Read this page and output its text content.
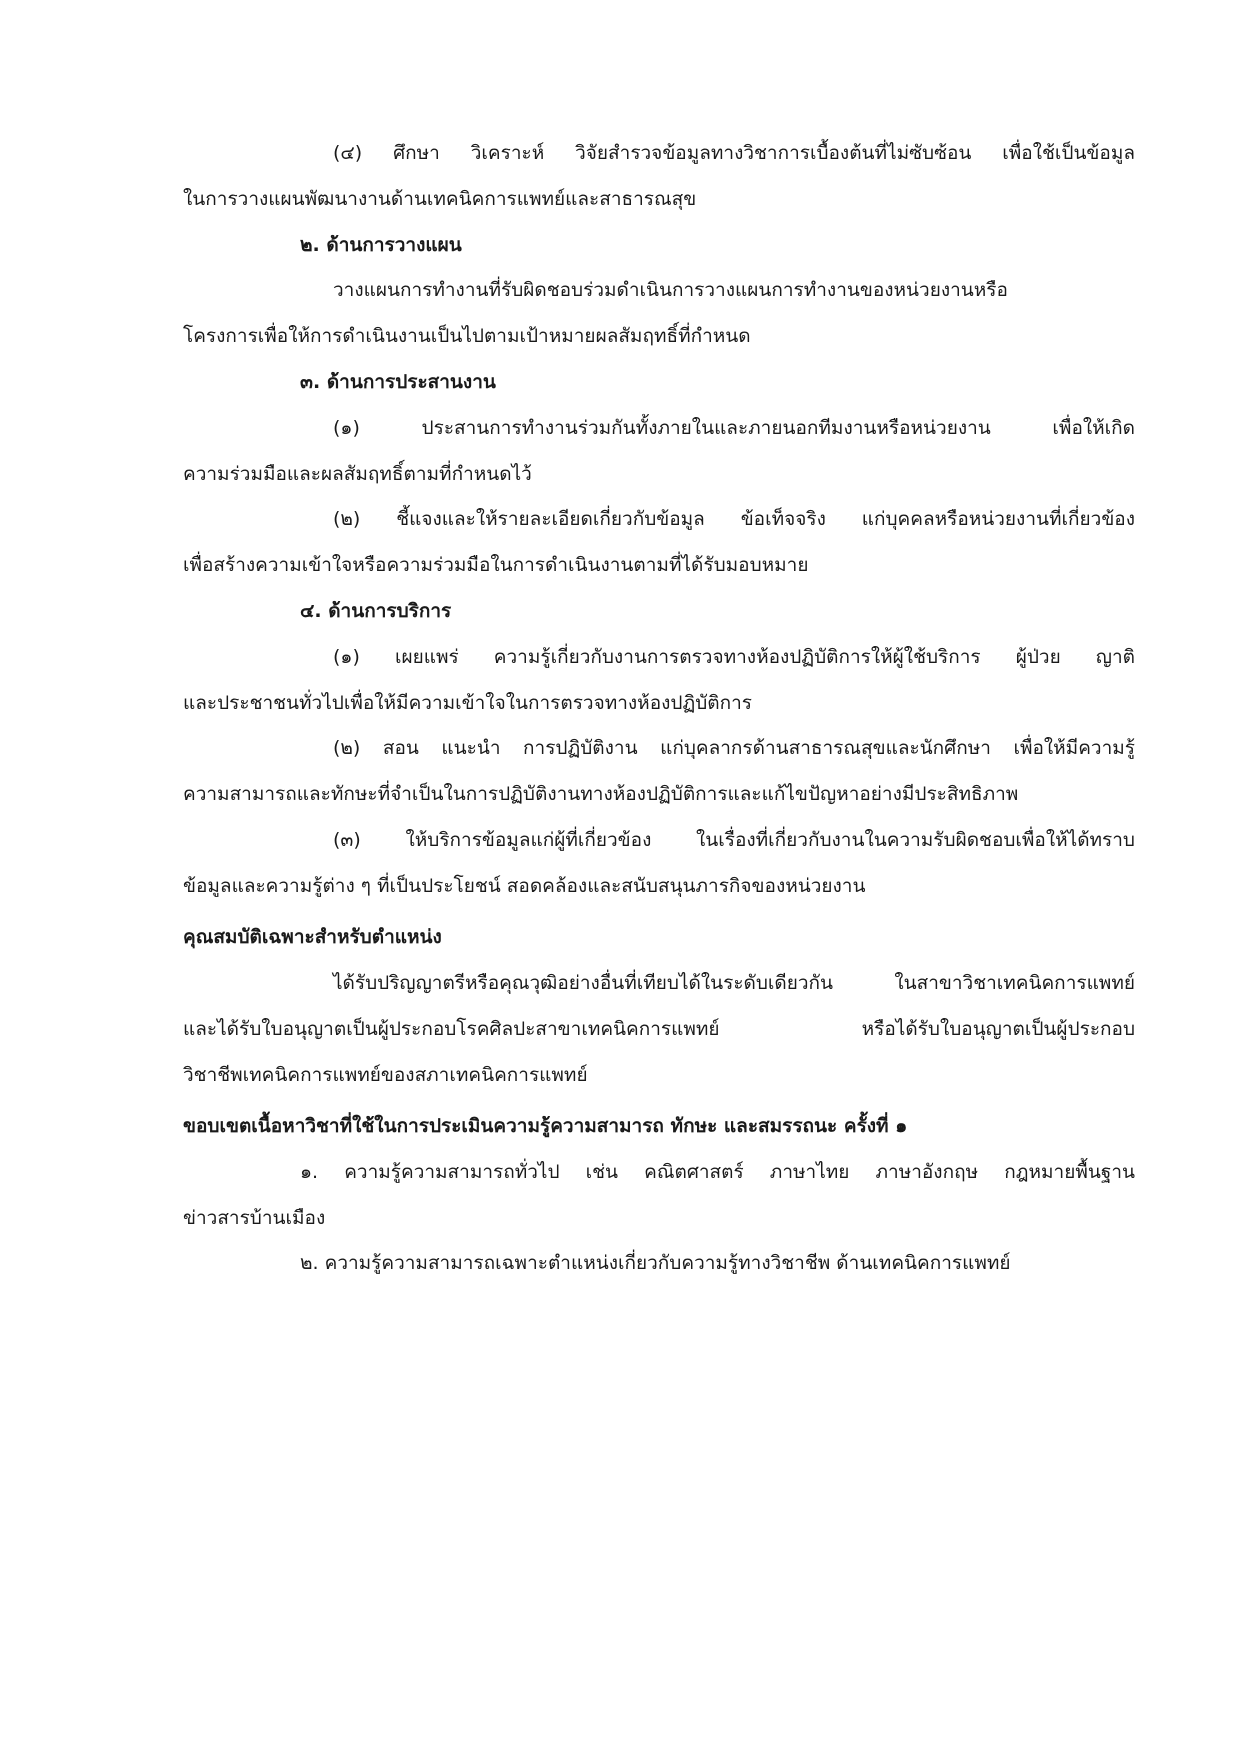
(๔) ศึกษา วิเคราะห์ วิจัยสำรวจข้อมูลทางวิชาการเบื้องต้นที่ไม่ซับซ้อน เพื่อใช้เป็นข้อมูล
ในการวางแผนพัฒนางานด้านเทคนิคการแพทย์และสาธารณสุข
๒. ด้านการวางแผน
วางแผนการทำงานที่รับผิดชอบร่วมดำเนินการวางแผนการทำงานของหน่วยงานหรือ
โครงการเพื่อให้การดำเนินงานเป็นไปตามเป้าหมายผลสัมฤทธิ์ที่กำหนด
๓. ด้านการประสานงาน
(๑) ประสานการทำงานร่วมกันทั้งภายในและภายนอกทีมงานหรือหน่วยงาน เพื่อให้เกิด
ความร่วมมือและผลสัมฤทธิ์ตามที่กำหนดไว้
(๒) ชี้แจงและให้รายละเอียดเกี่ยวกับข้อมูล ข้อเท็จจริง แก่บุคคลหรือหน่วยงานที่เกี่ยวข้อง
เพื่อสร้างความเข้าใจหรือความร่วมมือในการดำเนินงานตามที่ได้รับมอบหมาย
๔. ด้านการบริการ
(๑) เผยแพร่ ความรู้เกี่ยวกับงานการตรวจทางห้องปฏิบัติการให้ผู้ใช้บริการ ผู้ป่วย ญาติ
และประชาชนทั่วไปเพื่อให้มีความเข้าใจในการตรวจทางห้องปฏิบัติการ
(๒) สอน แนะนำ การปฏิบัติงาน แก่บุคลากรด้านสาธารณสุขและนักศึกษา เพื่อให้มีความรู้
ความสามารถและทักษะที่จำเป็นในการปฏิบัติงานทางห้องปฏิบัติการและแก้ไขปัญหาอย่างมีประสิทธิภาพ
(๓) ให้บริการข้อมูลแก่ผู้ที่เกี่ยวข้อง ในเรื่องที่เกี่ยวกับงานในความรับผิดชอบเพื่อให้ได้ทราบ
ข้อมูลและความรู้ต่าง ๆ ที่เป็นประโยชน์ สอดคล้องและสนับสนุนภารกิจของหน่วยงาน
คุณสมบัติเฉพาะสำหรับตำแหน่ง
ได้รับปริญญาตรีหรือคุณวุฒิอย่างอื่นที่เทียบได้ในระดับเดียวกัน ในสาขาวิชาเทคนิคการแพทย์
และได้รับใบอนุญาตเป็นผู้ประกอบโรคศิลปะสาขาเทคนิคการแพทย์ หรือได้รับใบอนุญาตเป็นผู้ประกอบ
วิชาชีพเทคนิคการแพทย์ของสภาเทคนิคการแพทย์
ขอบเขตเนื้อหาวิชาที่ใช้ในการประเมินความรู้ความสามารถ ทักษะ และสมรรถนะ ครั้งที่ ๑
๑. ความรู้ความสามารถทั่วไป เช่น คณิตศาสตร์ ภาษาไทย ภาษาอังกฤษ กฎหมายพื้นฐาน
ข่าวสารบ้านเมือง
๒. ความรู้ความสามารถเฉพาะตำแหน่งเกี่ยวกับความรู้ทางวิชาชีพ ด้านเทคนิคการแพทย์
